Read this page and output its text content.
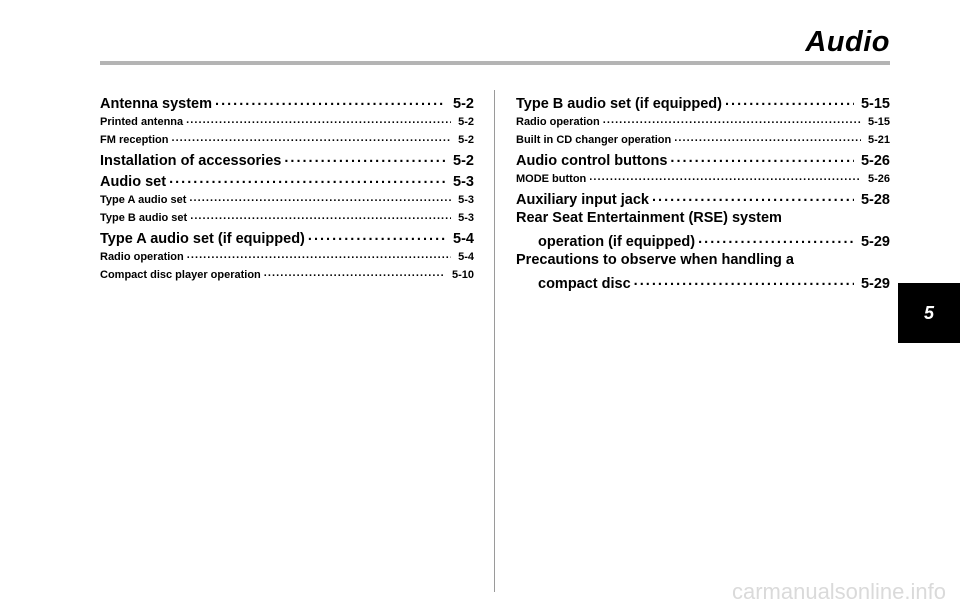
Audio
5
Antenna system . . .	5-2
Printed antenna . . .	5-2
FM reception . . .	5-2
Installation of accessories . . .	5-2
Audio set . . .	5-3
Type A audio set . . .	5-3
Type B audio set . . .	5-3
Type A audio set (if equipped) . . .	5-4
Radio operation . . .	5-4
Compact disc player operation . . .	5-10
Type B audio set (if equipped) . . .	5-15
Radio operation . . .	5-15
Built in CD changer operation . . .	5-21
Audio control buttons . . .	5-26
MODE button . . .	5-26
Auxiliary input jack . . .	5-28
Rear Seat Entertainment (RSE) system
operation (if equipped) . . .	5-29
Precautions to observe when handling a
compact disc . . .	5-29
carmanualsonline.info
